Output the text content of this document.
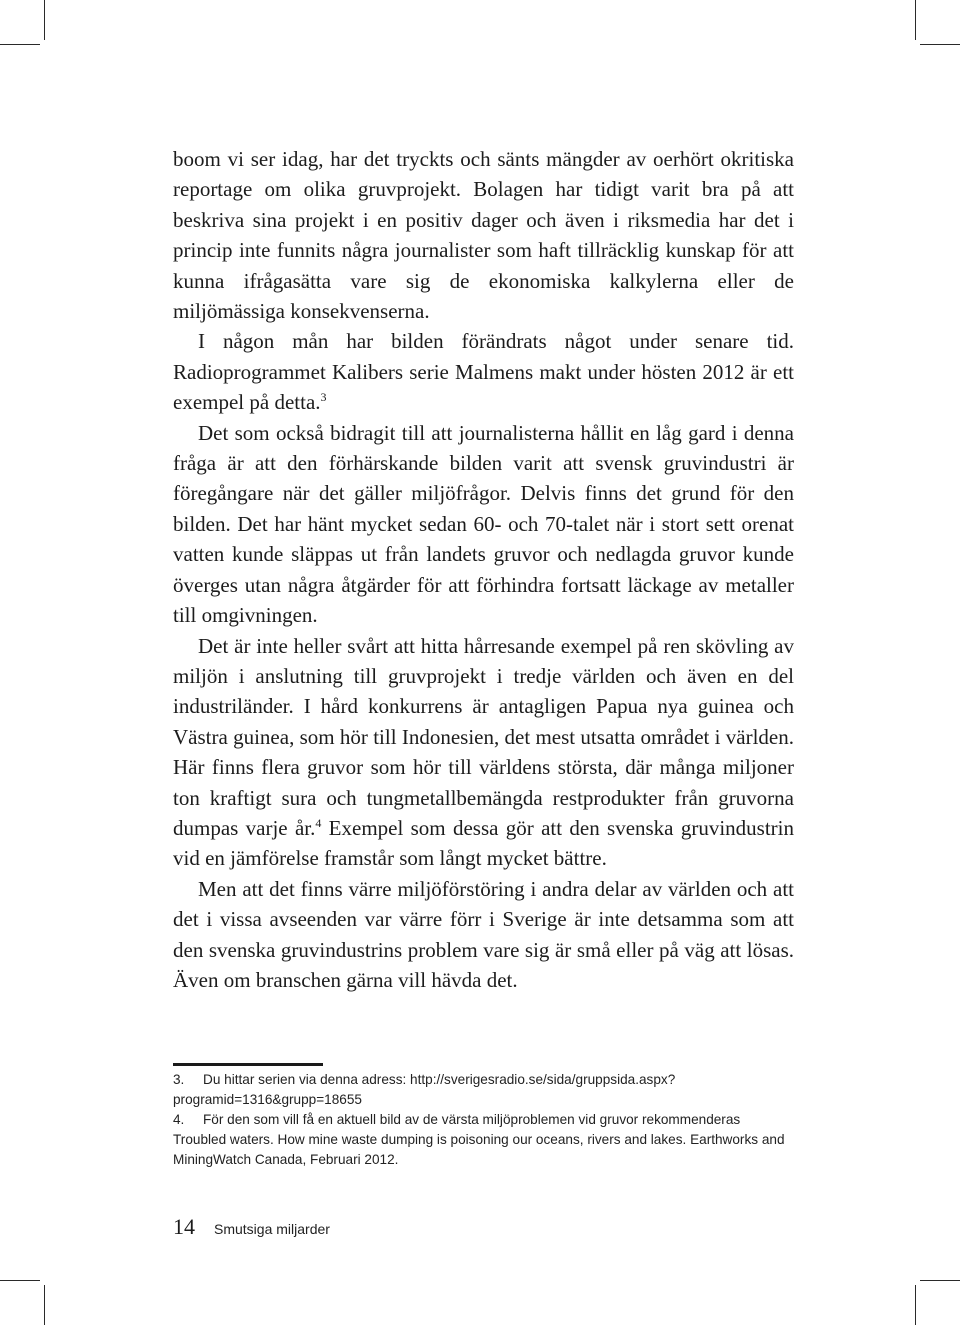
boom vi ser idag, har det tryckts och sänts mängder av oerhört okritiska reportage om olika gruvprojekt. Bolagen har tidigt varit bra på att beskriva sina projekt i en positiv dager och även i riksmedia har det i princip inte funnits några journalister som haft tillräcklig kunskap för att kunna ifrågasätta vare sig de ekonomiska kalkylerna eller de miljömässiga konsekvenserna.

I någon mån har bilden förändrats något under senare tid. Radioprogrammet Kalibers serie Malmens makt under hösten 2012 är ett exempel på detta.$^3$

Det som också bidragit till att journalisterna hållit en låg gard i denna fråga är att den förhärskande bilden varit att svensk gruvindustri är föregångare när det gäller miljöfrågor. Delvis finns det grund för den bilden. Det har hänt mycket sedan 60- och 70-talet när i stort sett orenat vatten kunde släppas ut från landets gruvor och nedlagda gruvor kunde överges utan några åtgärder för att förhindra fortsatt läckage av metaller till omgivningen.

Det är inte heller svårt att hitta hårresande exempel på ren skövling av miljön i anslutning till gruvprojekt i tredje världen och även en del industriländer. I hård konkurrens är antagligen Papua nya guinea och Västra guinea, som hör till Indonesien, det mest utsatta området i världen. Här finns flera gruvor som hör till världens största, där många miljoner ton kraftigt sura och tungmetallbemängda restprodukter från gruvorna dumpas varje år.$^4$ Exempel som dessa gör att den svenska gruvindustrin vid en jämförelse framstår som långt mycket bättre.

Men att det finns värre miljöförstöring i andra delar av världen och att det i vissa avseenden var värre förr i Sverige är inte detsamma som att den svenska gruvindustrins problem vare sig är små eller på väg att lösas. Även om branschen gärna vill hävda det.

3. Du hittar serien via denna adress: http://sverigesradio.se/sida/gruppsida.aspx?programid=1316&grupp=18655

4. För den som vill få en aktuell bild av de värsta miljöproblemen vid gruvor rekommenderas Troubled waters. How mine waste dumping is poisoning our oceans, rivers and lakes. Earthworks and MiningWatch Canada, Februari 2012.

14 Smutsiga miljarder
